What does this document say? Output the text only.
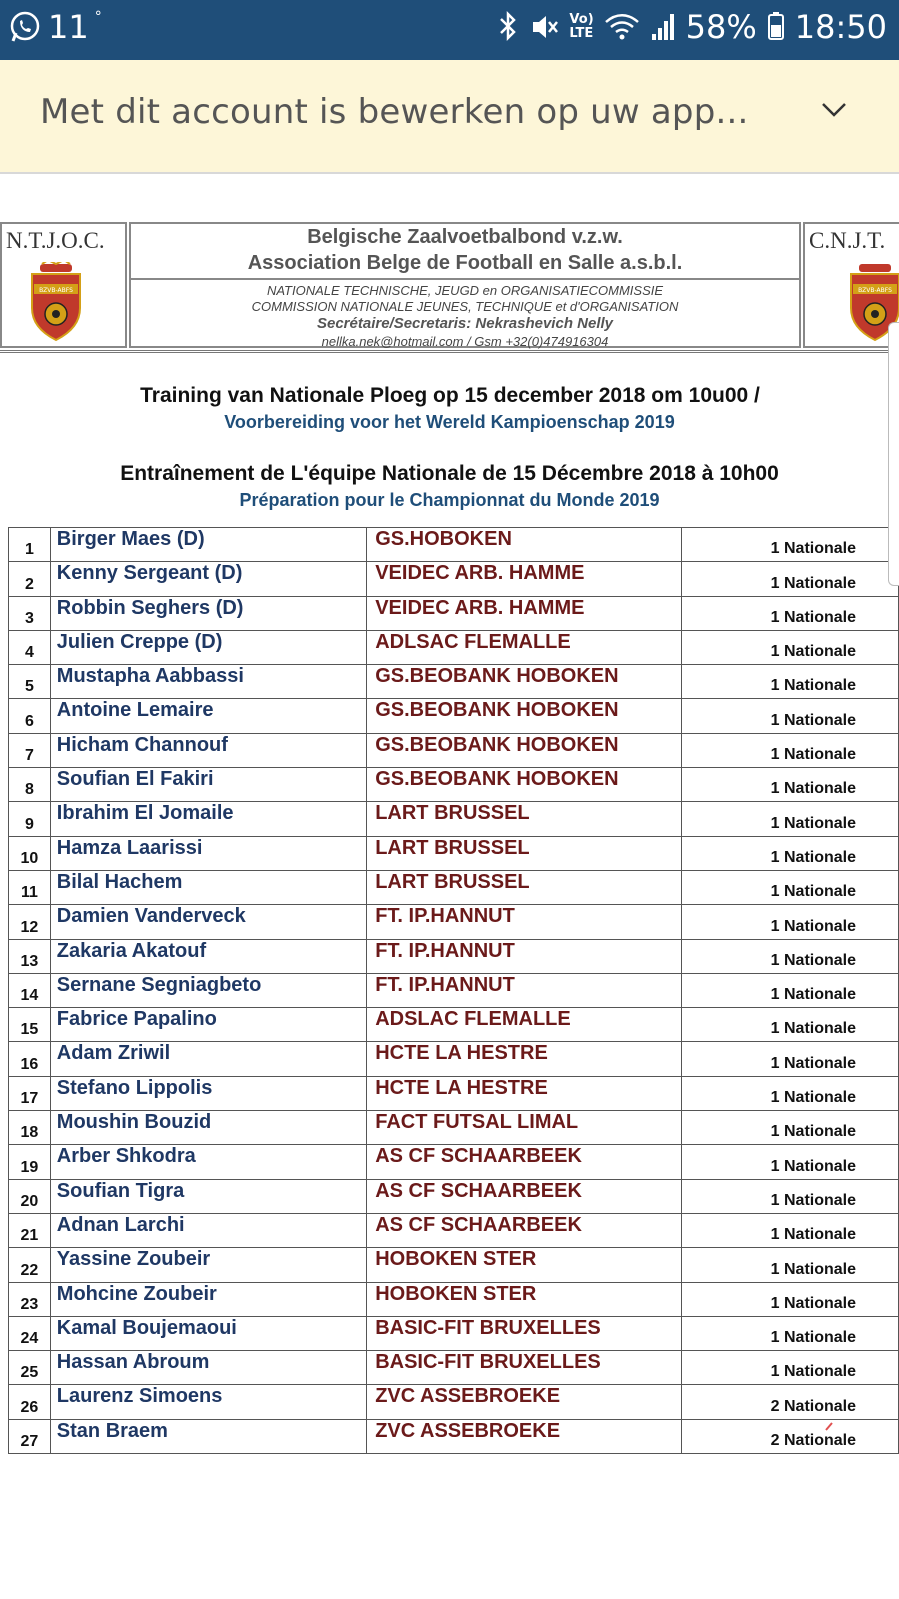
11 °	Vo)
LTE	58% 18:50
Met dit account is bewerken op uw app...
N.T.J.O.C.
BZVB-ABFS
Belgische Zaalvoetbalbond v.z.w.
Association Belge de Football en Salle a.s.b.l.
NATIONALE TECHNISCHE, JEUGD en ORGANISATIECOMMISSIE
COMMISSION NATIONALE JEUNES, TECHNIQUE et d'ORGANISATION
Secrétaire/Secretaris: Nekrashevich Nelly
nellka.nek@hotmail.com / Gsm +32(0)474916304
C.N.J.T.
BZVB-ABFS
Training van Nationale Ploeg op 15 december 2018 om 10u00 /
Voorbereiding voor het Wereld Kampioenschap 2019
Entraînement de L'équipe Nationale de 15 Décembre 2018 à 10h00
Préparation pour le Championnat du Monde 2019
1	Birger Maes (D)	GS.HOBOKEN	1 Nationale
2	Kenny Sergeant (D)	VEIDEC ARB. HAMME	1 Nationale
3	Robbin Seghers (D)	VEIDEC ARB. HAMME	1 Nationale
4	Julien Creppe (D)	ADLSAC FLEMALLE	1 Nationale
5	Mustapha Aabbassi	GS.BEOBANK HOBOKEN	1 Nationale
6	Antoine Lemaire	GS.BEOBANK HOBOKEN	1 Nationale
7	Hicham Channouf	GS.BEOBANK HOBOKEN	1 Nationale
8	Soufian El Fakiri	GS.BEOBANK HOBOKEN	1 Nationale
9	Ibrahim El Jomaile	LART BRUSSEL	1 Nationale
10	Hamza Laarissi	LART BRUSSEL	1 Nationale
11	Bilal Hachem	LART BRUSSEL	1 Nationale
12	Damien Vanderveck	FT. IP.HANNUT	1 Nationale
13	Zakaria Akatouf	FT. IP.HANNUT	1 Nationale
14	Sernane Segniagbeto	FT. IP.HANNUT	1 Nationale
15	Fabrice Papalino	ADSLAC FLEMALLE	1 Nationale
16	Adam Zriwil	HCTE LA HESTRE	1 Nationale
17	Stefano Lippolis	HCTE LA HESTRE	1 Nationale
18	Moushin Bouzid	FACT FUTSAL LIMAL	1 Nationale
19	Arber Shkodra	AS CF SCHAARBEEK	1 Nationale
20	Soufian Tigra	AS CF SCHAARBEEK	1 Nationale
21	Adnan Larchi	AS CF SCHAARBEEK	1 Nationale
22	Yassine Zoubeir	HOBOKEN STER	1 Nationale
23	Mohcine Zoubeir	HOBOKEN STER	1 Nationale
24	Kamal Boujemaoui	BASIC-FIT BRUXELLES	1 Nationale
25	Hassan Abroum	BASIC-FIT BRUXELLES	1 Nationale
26	Laurenz Simoens	ZVC ASSEBROEKE	2 Nationale
27	Stan Braem	ZVC ASSEBROEKE	2 Nationale
